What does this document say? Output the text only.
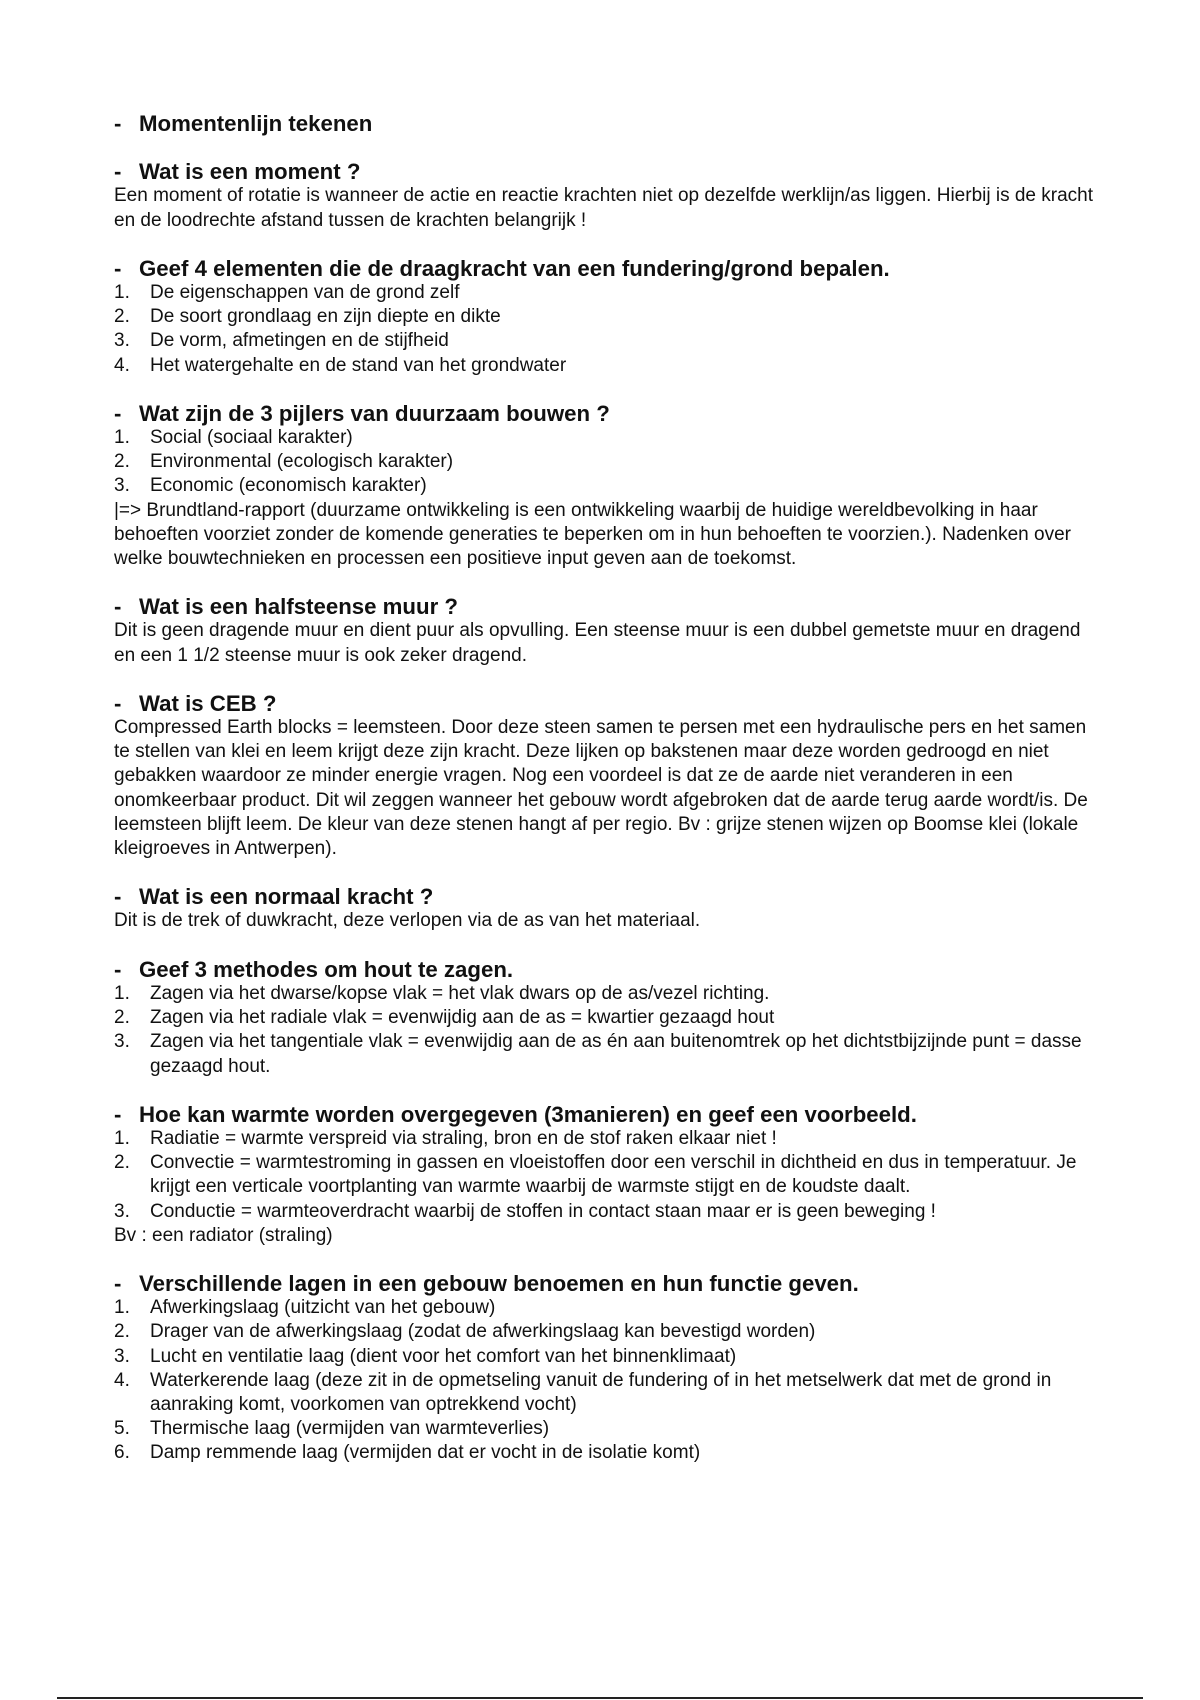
- Momentenlijn tekenen
- Wat is een moment ?

Een moment of rotatie is wanneer de actie en reactie krachten niet op dezelfde werklijn/as liggen. Hierbij is de kracht en de loodrechte afstand tussen de krachten belangrijk !

- Geef 4 elementen die de draagkracht van een fundering/grond bepalen.
1.	De eigenschappen van de grond zelf
2.	De soort grondlaag en zijn diepte en dikte
3.	De vorm, afmetingen en de stijfheid
4.	Het watergehalte en de stand van het grondwater
- Wat zijn de 3 pijlers van duurzaam bouwen ?
1.	Social (sociaal karakter)
2.	Environmental (ecologisch karakter)
3.	Economic (economisch karakter)

|=> Brundtland-rapport (duurzame ontwikkeling is een ontwikkeling waarbij de huidige wereldbevolking in haar behoeften voorziet zonder de komende generaties te beperken om in hun behoeften te voorzien.). Nadenken over welke bouwtechnieken en processen een positieve input geven aan de toekomst.

- Wat is een halfsteense muur ?

Dit is geen dragende muur en dient puur als opvulling. Een steense muur is een dubbel gemetste muur en dragend en een 1 1/2 steense muur is ook zeker dragend.

- Wat is CEB ?

Compressed Earth blocks = leemsteen. Door deze steen samen te persen met een hydraulische pers en het samen te stellen van klei en leem krijgt deze zijn kracht. Deze lijken op bakstenen maar deze worden gedroogd en niet gebakken waardoor ze minder energie vragen. Nog een voordeel is dat ze de aarde niet veranderen in een onomkeerbaar product. Dit wil zeggen wanneer het gebouw wordt afgebroken dat de aarde terug aarde wordt/is. De leemsteen blijft leem. De kleur van deze stenen hangt af per regio. Bv : grijze stenen wijzen op Boomse klei (lokale kleigroeves in Antwerpen).

- Wat is een normaal kracht ?

Dit is de trek of duwkracht, deze verlopen via de as van het materiaal.

- Geef 3 methodes om hout te zagen.
1.	Zagen via het dwarse/kopse vlak = het vlak dwars op de as/vezel richting.
2.	Zagen via het radiale vlak = evenwijdig aan de as = kwartier gezaagd hout
3.	Zagen via het tangentiale vlak = evenwijdig aan de as én aan buitenomtrek op het dichtstbijzijnde punt = dasse gezaagd hout.
- Hoe kan warmte worden overgegeven (3manieren) en geef een voorbeeld.
1.	Radiatie = warmte verspreid via straling, bron en de stof raken elkaar niet !
2.	Convectie = warmtestroming in gassen en vloeistoffen door een verschil in dichtheid en dus in temperatuur. Je krijgt een verticale voortplanting van warmte waarbij de warmste stijgt en de koudste daalt.
3.	Conductie = warmteoverdracht waarbij de stoffen in contact staan maar er is geen beweging !

Bv : een radiator (straling)

- Verschillende lagen in een gebouw benoemen en hun functie geven.
1.	Afwerkingslaag (uitzicht van het gebouw)
2.	Drager van de afwerkingslaag (zodat de afwerkingslaag kan bevestigd worden)
3.	Lucht en ventilatie laag (dient voor het comfort van het binnenklimaat)
4.	Waterkerende laag (deze zit in de opmetseling vanuit de fundering of in het metselwerk dat met de grond in aanraking komt, voorkomen van optrekkend vocht)
5.	Thermische laag (vermijden van warmteverlies)
6.	Damp remmende laag (vermijden dat er vocht in de isolatie komt)
